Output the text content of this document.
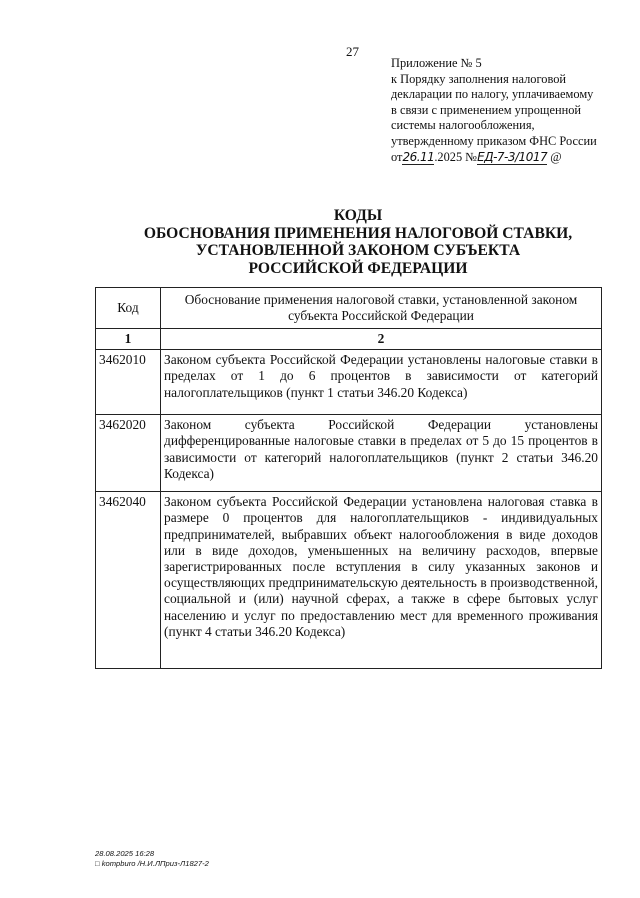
27
Приложение № 5
к Порядку заполнения налоговой
декларации по налогу, уплачиваемому
в связи с применением упрощенной
системы налогообложения,
утвержденному приказом ФНС России
от26.11.2025 №ЕД-7-3/1017 @
КОДЫ
ОБОСНОВАНИЯ ПРИМЕНЕНИЯ НАЛОГОВОЙ СТАВКИ,
УСТАНОВЛЕННОЙ ЗАКОНОМ СУБЪЕКТА
РОССИЙСКОЙ ФЕДЕРАЦИИ
Код	Обоснование применения налоговой ставки, установленной законом субъекта Российской Федерации
1	2
3462010	Законом субъекта Российской Федерации установлены налоговые ставки в пределах от 1 до 6 процентов в зависимости от категорий налогоплательщиков (пункт 1 статьи 346.20 Кодекса)
3462020	Законом субъекта Российской Федерации установлены дифференцированные налоговые ставки в пределах от 5 до 15 процентов в зависимости от категорий налогоплательщиков (пункт 2 статьи 346.20 Кодекса)
3462040	Законом субъекта Российской Федерации установлена налоговая ставка в размере 0 процентов для налогоплательщиков - индивидуальных предпринимателей, выбравших объект налогообложения в виде доходов или в виде доходов, уменьшенных на величину расходов, впервые зарегистрированных после вступления в силу указанных законов и осуществляющих предпринимательскую деятельность в производственной, социальной и (или) научной сферах, а также в сфере бытовых услуг населению и услуг по предоставлению мест для временного проживания (пункт 4 статьи 346.20 Кодекса)
28.08.2025 16:28
□ kompburo /Н.И.ЛПриз-Л1827-2
